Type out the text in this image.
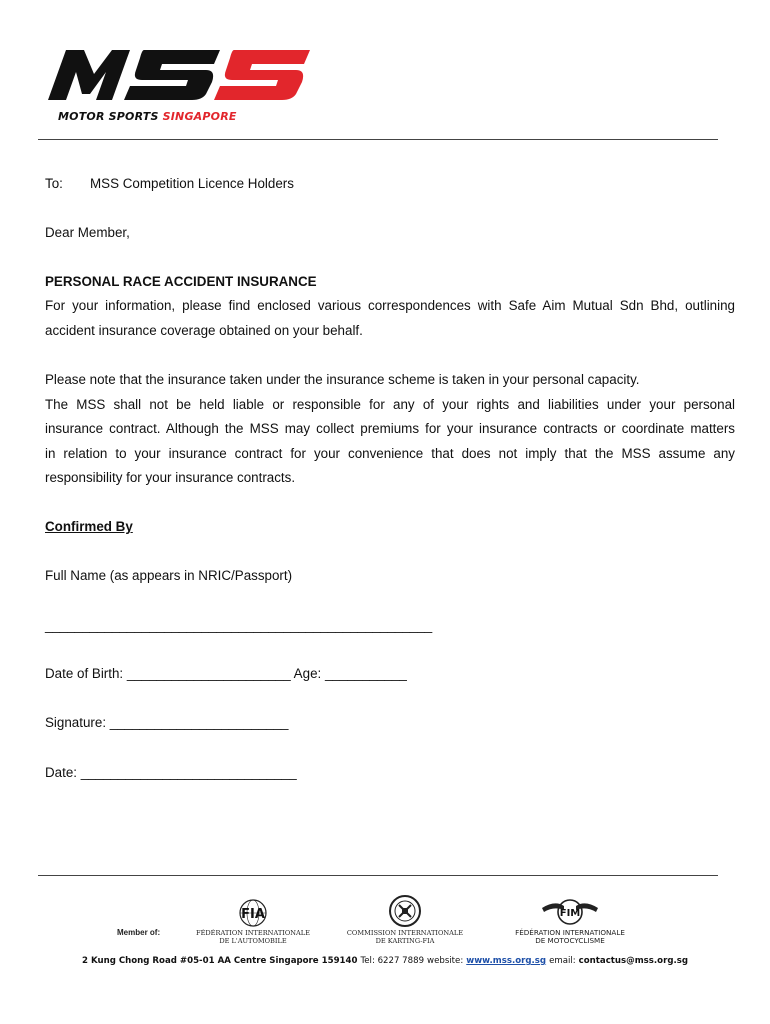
MOTOR SPORTS SINGAPORE
To: MSS Competition Licence Holders
Dear Member,
PERSONAL RACE ACCIDENT INSURANCE
For your information, please find enclosed various correspondences with Safe Aim Mutual Sdn Bhd, outlining
accident insurance coverage obtained on your behalf.
Please note that the insurance taken under the insurance scheme is taken in your personal capacity.
The MSS shall not be held liable or responsible for any of your rights and liabilities under your personal
insurance contract. Although the MSS may collect premiums for your insurance contracts or coordinate matters
in relation to your insurance contract for your convenience that does not imply that the MSS assume any
responsibility for your insurance contracts.
Confirmed By
Full Name (as appears in NRIC/Passport)
____________________________________________________
Date of Birth: ______________________ Age: ___________
Signature: ________________________
Date: _____________________________
Member of:
FIA
FÉDÉRATION INTERNATIONALE
DE L'AUTOMOBILE
COMMISSION INTERNATIONALE
DE KARTING-FIA
FIM
FÉDÉRATION INTERNATIONALE
DE MOTOCYCLISME
2 Kung Chong Road #05-01 AA Centre Singapore 159140 Tel: 6227 7889 website: www.mss.org.sg email: contactus@mss.org.sg
